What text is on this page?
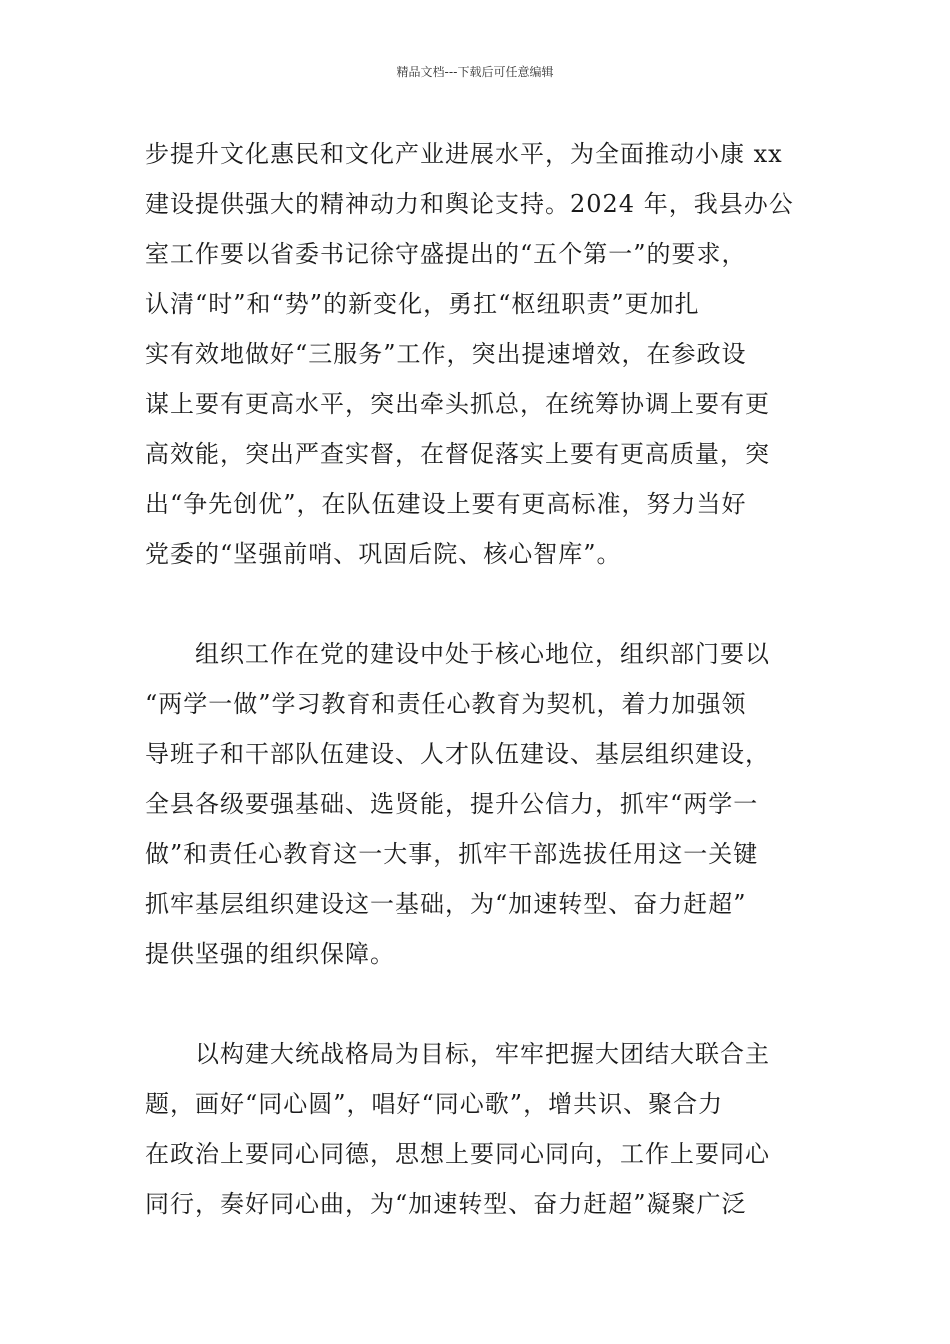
精品文档---下载后可任意编辑
步提升文化惠民和文化产业进展水平，为全面推动小康 xx
建设提供强大的精神动力和舆论支持。2024 年，我县办公
室工作要以省委书记徐守盛提出的“五个第一”的要求，
认清“时”和“势”的新变化，勇扛“枢纽职责”更加扎
实有效地做好“三服务”工作，突出提速增效，在参政设
谋上要有更高水平，突出牵头抓总，在统筹协调上要有更
高效能，突出严查实督，在督促落实上要有更高质量，突
出“争先创优”，在队伍建设上要有更高标准，努力当好
党委的“坚强前哨、巩固后院、核心智库”。
　　组织工作在党的建设中处于核心地位，组织部门要以
“两学一做”学习教育和责任心教育为契机，着力加强领
导班子和干部队伍建设、人才队伍建设、基层组织建设，
全县各级要强基础、选贤能，提升公信力，抓牢“两学一
做”和责任心教育这一大事，抓牢干部选拔任用这一关键
抓牢基层组织建设这一基础，为“加速转型、奋力赶超”
提供坚强的组织保障。
　　以构建大统战格局为目标，牢牢把握大团结大联合主
题，画好“同心圆”，唱好“同心歌”，增共识、聚合力
在政治上要同心同德，思想上要同心同向，工作上要同心
同行，奏好同心曲，为“加速转型、奋力赶超”凝聚广泛
